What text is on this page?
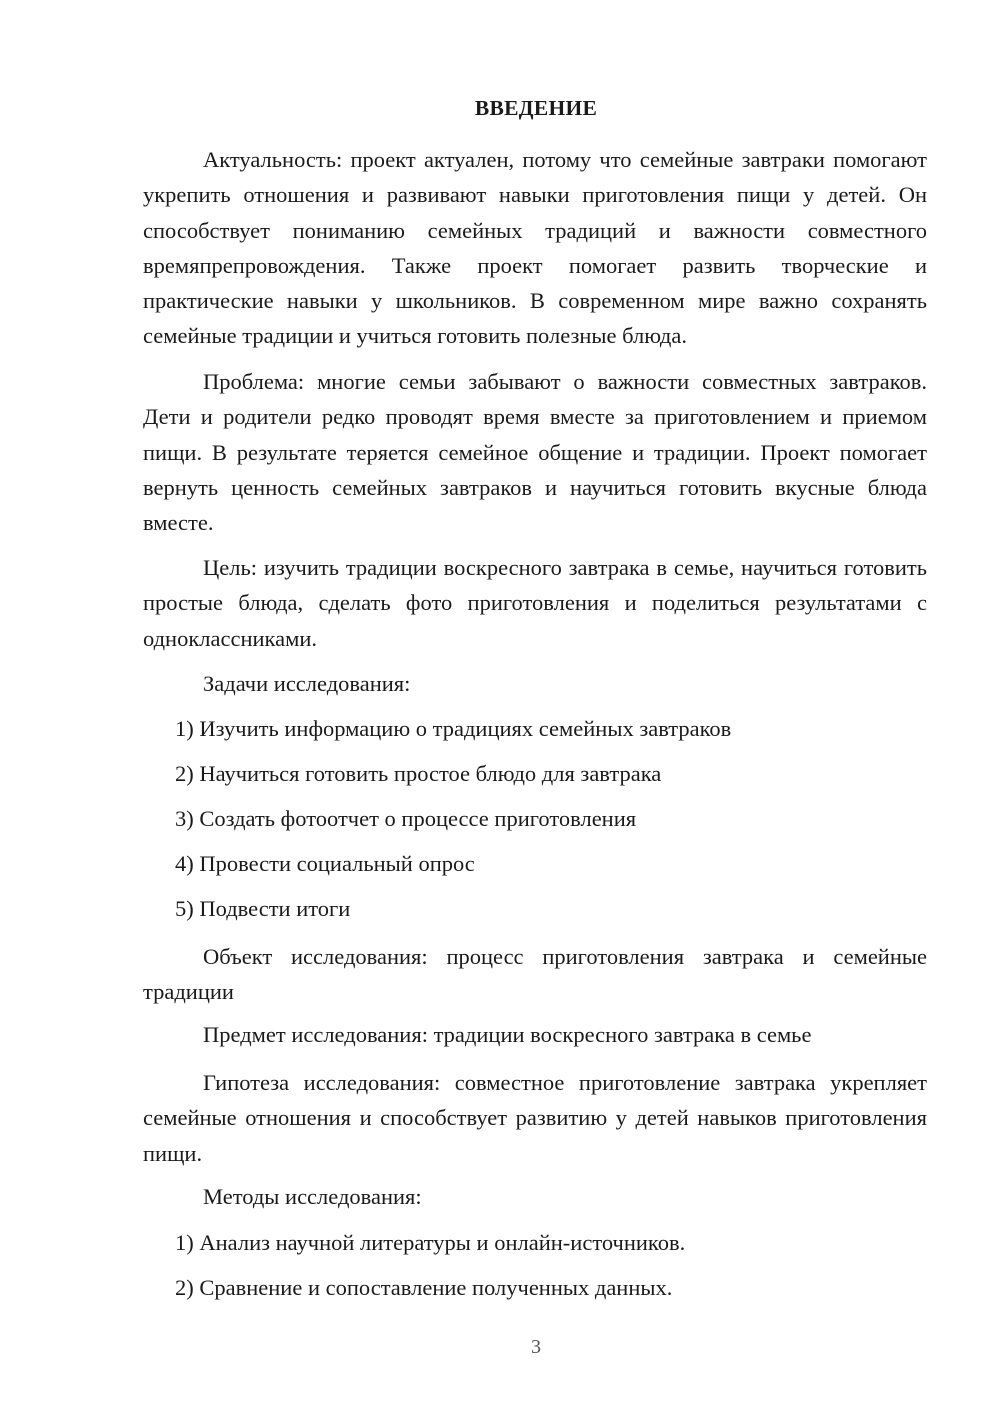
ВВЕДЕНИЕ

Актуальность: проект актуален, потому что семейные завтраки помогают укрепить отношения и развивают навыки приготовления пищи у детей. Он способствует пониманию семейных традиций и важности совместного времяпрепровождения. Также проект помогает развить творческие и практические навыки у школьников. В современном мире важно сохранять семейные традиции и учиться готовить полезные блюда.

Проблема: многие семьи забывают о важности совместных завтраков. Дети и родители редко проводят время вместе за приготовлением и приемом пищи. В результате теряется семейное общение и традиции. Проект помогает вернуть ценность семейных завтраков и научиться готовить вкусные блюда вместе.

Цель: изучить традиции воскресного завтрака в семье, научиться готовить простые блюда, сделать фото приготовления и поделиться результатами с одноклассниками.

Задачи исследования:
1) Изучить информацию о традициях семейных завтраков
2) Научиться готовить простое блюдо для завтрака
3) Создать фотоотчет о процессе приготовления
4) Провести социальный опрос
5) Подвести итоги

Объект исследования: процесс приготовления завтрака и семейные традиции

Предмет исследования: традиции воскресного завтрака в семье

Гипотеза исследования: совместное приготовление завтрака укрепляет семейные отношения и способствует развитию у детей навыков приготовления пищи.

Методы исследования:
1) Анализ научной литературы и онлайн-источников.
2) Сравнение и сопоставление полученных данных.
3
